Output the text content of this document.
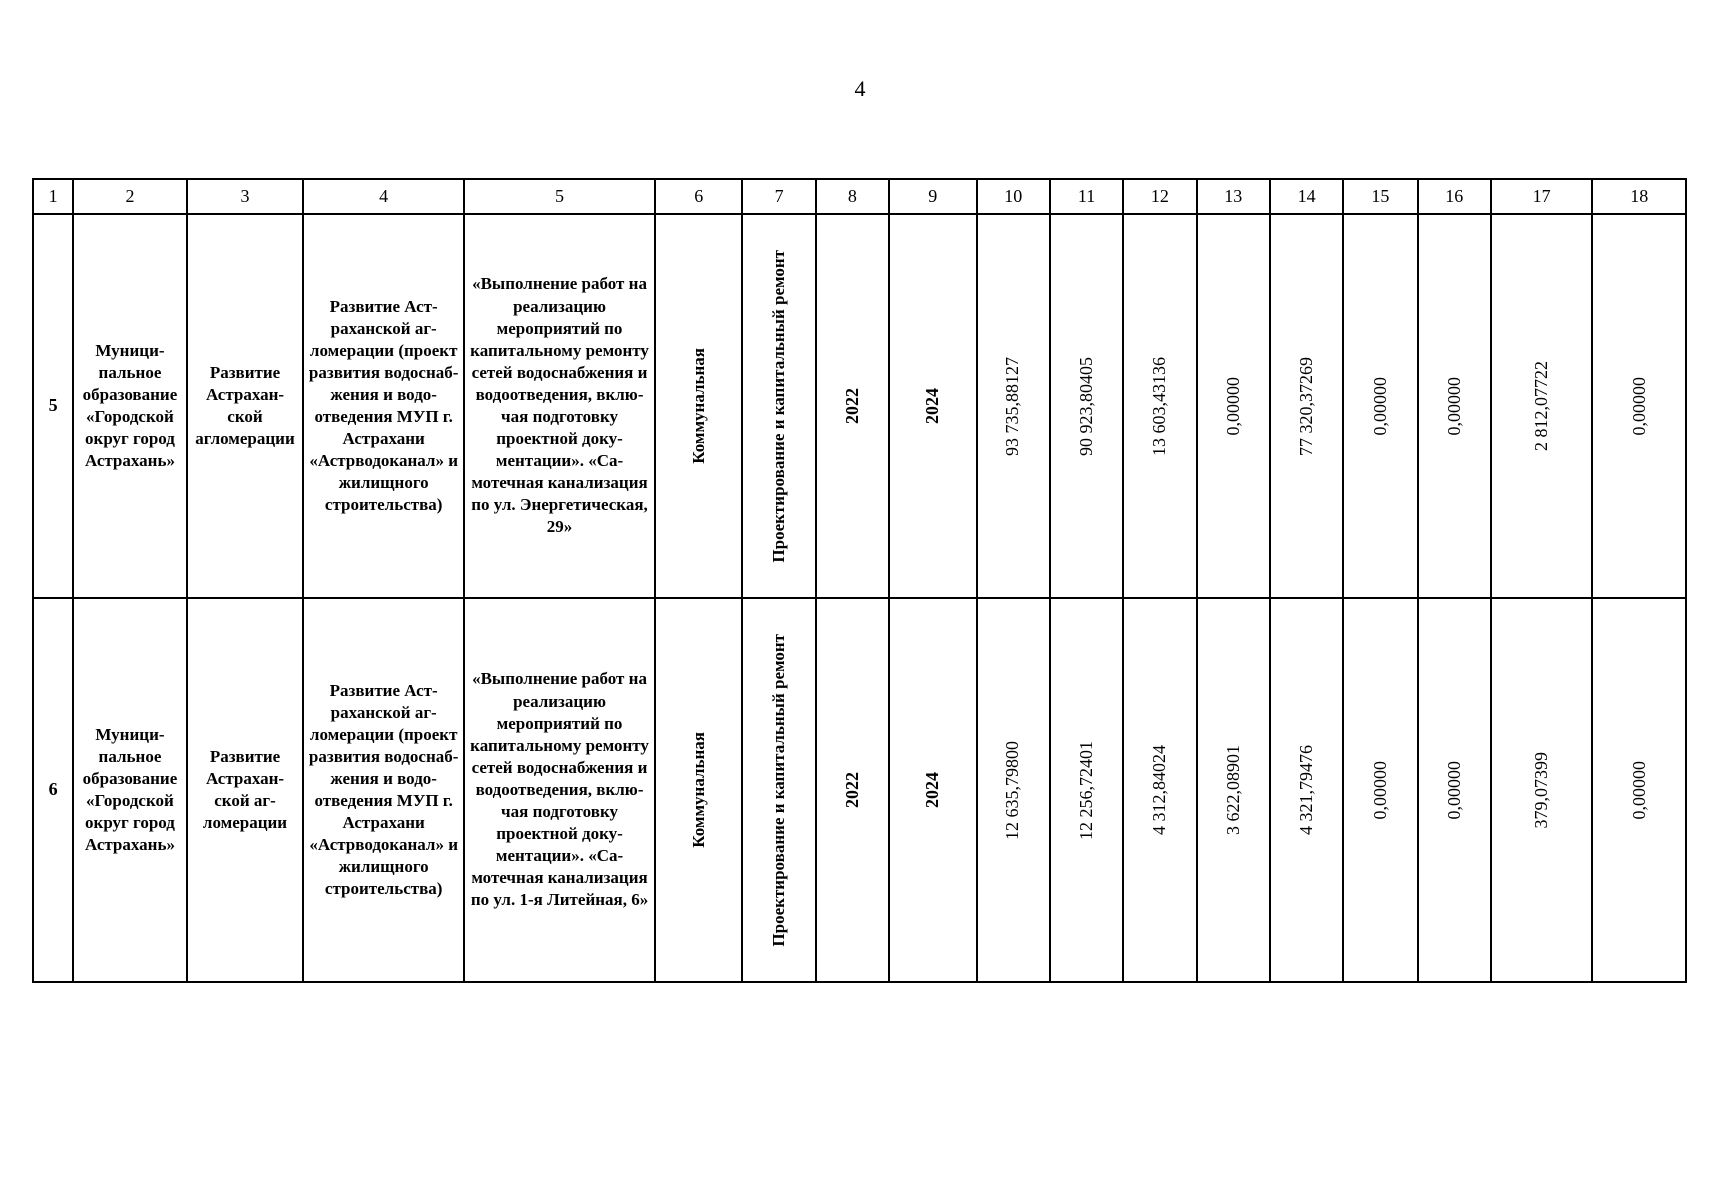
4
1	2	3	4	5	6	7	8	9	10	11	12	13	14	15	16	17	18
5	Муниципальное образование «Городской округ город Астрахань»	Развитие Астраханской агломерации	Развитие Астраханской агломерации (проект развития водоснабжения и водоотведения МУП г. Астрахани «Астрводоканал» и жилищного строительства)	«Выполнение работ на реализацию мероприятий по капитальному ремонту сетей водоснабжения и водоотведения, включая подготовку проектной документации». «Самотечная канализация по ул. Энергетическая, 29»	Коммунальная	Проектирование и капитальный ремонт	2022	2024	93 735,88127	90 923,80405	13 603,43136	0,00000	77 320,37269	0,00000	0,00000	2 812,07722	0,00000

6	Муниципальное образование «Городской округ город Астрахань»	Развитие Астраханской агломерации	Развитие Астраханской агломерации (проект развития водоснабжения и водоотведения МУП г. Астрахани «Астрводоканал» и жилищного строительства)	«Выполнение работ на реализацию мероприятий по капитальному ремонту сетей водоснабжения и водоотведения, включая подготовку проектной документации». «Самотечная канализация по ул. 1-я Литейная, 6»	Коммунальная	Проектирование и капитальный ремонт	2022	2024	12 635,79800	12 256,72401	4 312,84024	3 622,08901	4 321,79476	0,00000	0,00000	379,07399	0,00000
